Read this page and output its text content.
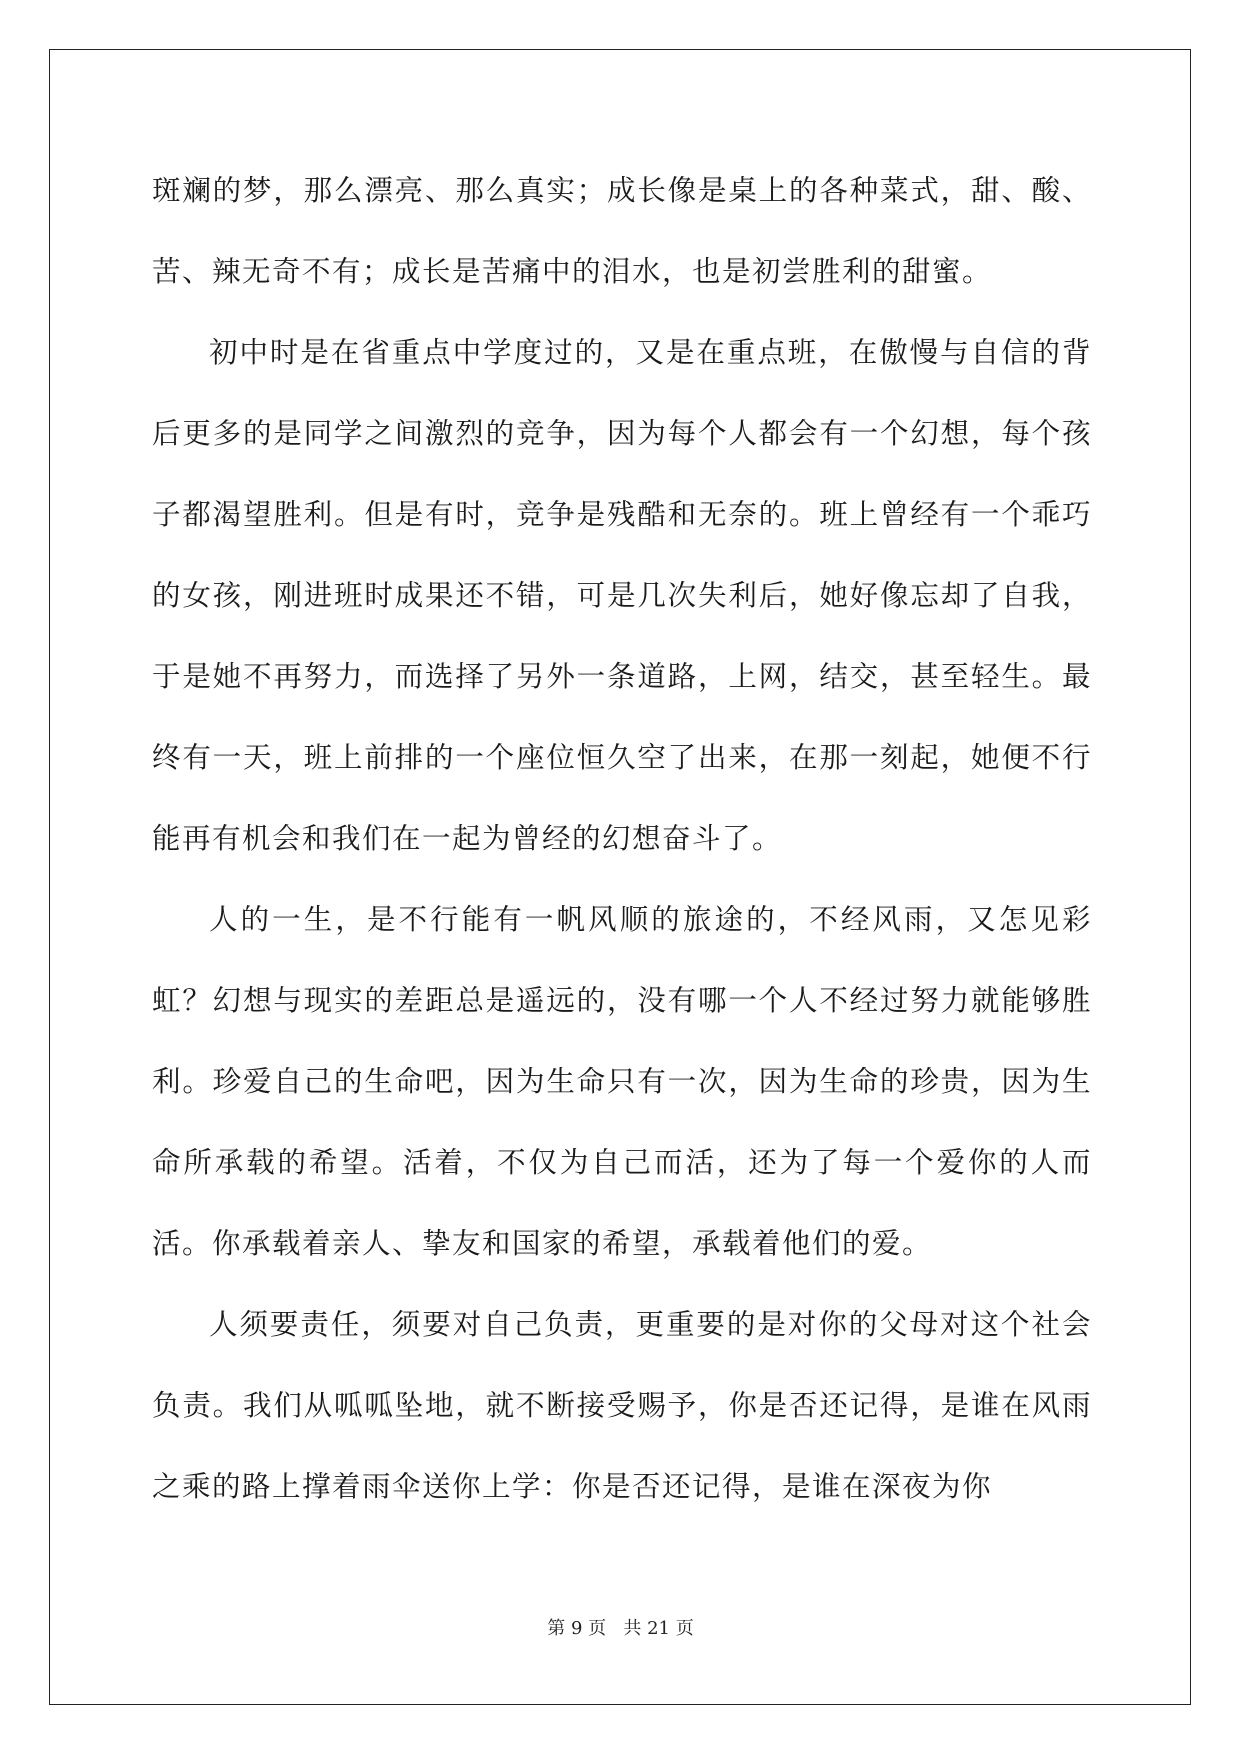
斑斓的梦，那么漂亮、那么真实；成长像是桌上的各种菜式，甜、酸、苦、辣无奇不有；成长是苦痛中的泪水，也是初尝胜利的甜蜜。

初中时是在省重点中学度过的，又是在重点班，在傲慢与自信的背后更多的是同学之间激烈的竞争，因为每个人都会有一个幻想，每个孩子都渴望胜利。但是有时，竞争是残酷和无奈的。班上曾经有一个乖巧的女孩，刚进班时成果还不错，可是几次失利后，她好像忘却了自我，于是她不再努力，而选择了另外一条道路，上网，结交，甚至轻生。最终有一天，班上前排的一个座位恒久空了出来，在那一刻起，她便不行能再有机会和我们在一起为曾经的幻想奋斗了。

人的一生，是不行能有一帆风顺的旅途的，不经风雨，又怎见彩虹？幻想与现实的差距总是遥远的，没有哪一个人不经过努力就能够胜利。珍爱自己的生命吧，因为生命只有一次，因为生命的珍贵，因为生命所承载的希望。活着，不仅为自己而活，还为了每一个爱你的人而活。你承载着亲人、挚友和国家的希望，承载着他们的爱。

人须要责任，须要对自己负责，更重要的是对你的父母对这个社会负责。我们从呱呱坠地，就不断接受赐予，你是否还记得，是谁在风雨之乘的路上撑着雨伞送你上学：你是否还记得，是谁在深夜为你

第 9 页 共 21 页
